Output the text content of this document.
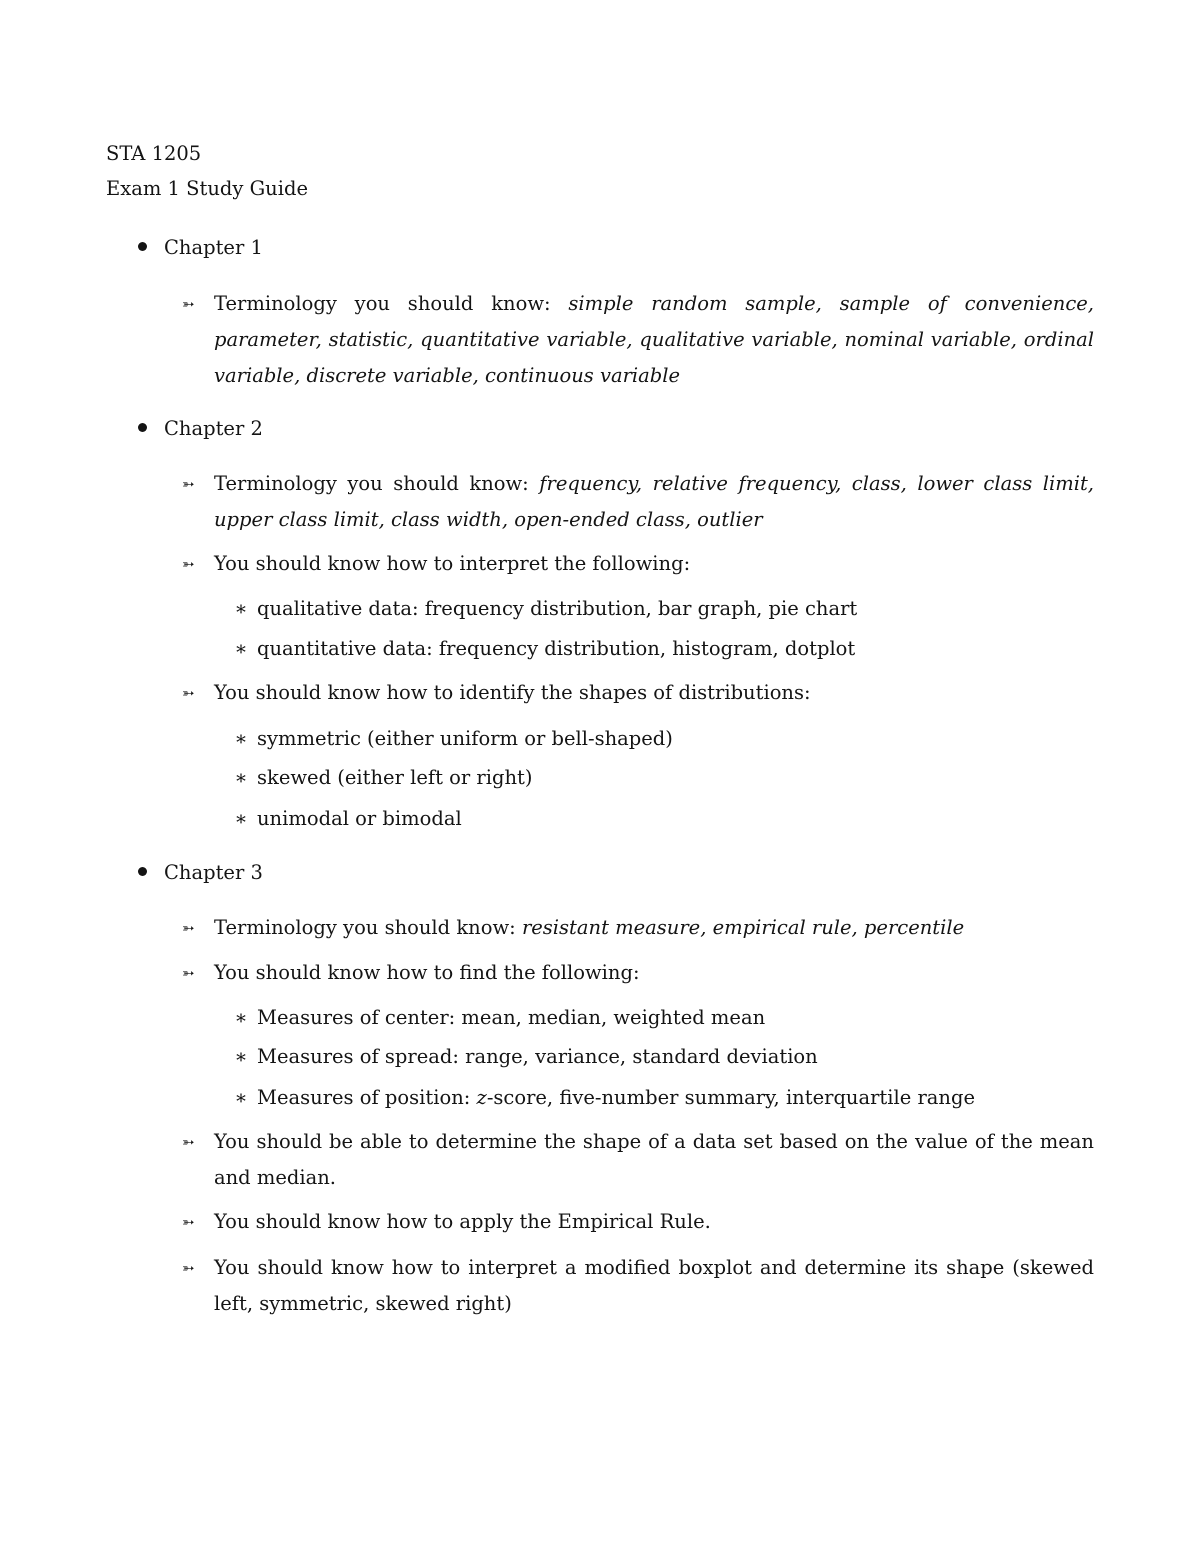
STA 1205
Exam 1 Study Guide
Chapter 1
➳ Terminology you should know: simple random sample, sample of convenience, parameter, statistic, quantitative variable, qualitative variable, nominal variable, ordinal variable, discrete variable, continuous variable
Chapter 2
➳ Terminology you should know: frequency, relative frequency, class, lower class limit, upper class limit, class width, open-ended class, outlier
➳ You should know how to interpret the following:
∗ qualitative data: frequency distribution, bar graph, pie chart
∗ quantitative data: frequency distribution, histogram, dotplot
➳ You should know how to identify the shapes of distributions:
∗ symmetric (either uniform or bell-shaped)
∗ skewed (either left or right)
∗ unimodal or bimodal
Chapter 3
➳ Terminology you should know: resistant measure, empirical rule, percentile
➳ You should know how to find the following:
∗ Measures of center: mean, median, weighted mean
∗ Measures of spread: range, variance, standard deviation
∗ Measures of position: z-score, five-number summary, interquartile range
➳ You should be able to determine the shape of a data set based on the value of the mean and median.
➳ You should know how to apply the Empirical Rule.
➳ You should know how to interpret a modified boxplot and determine its shape (skewed left, symmetric, skewed right)
